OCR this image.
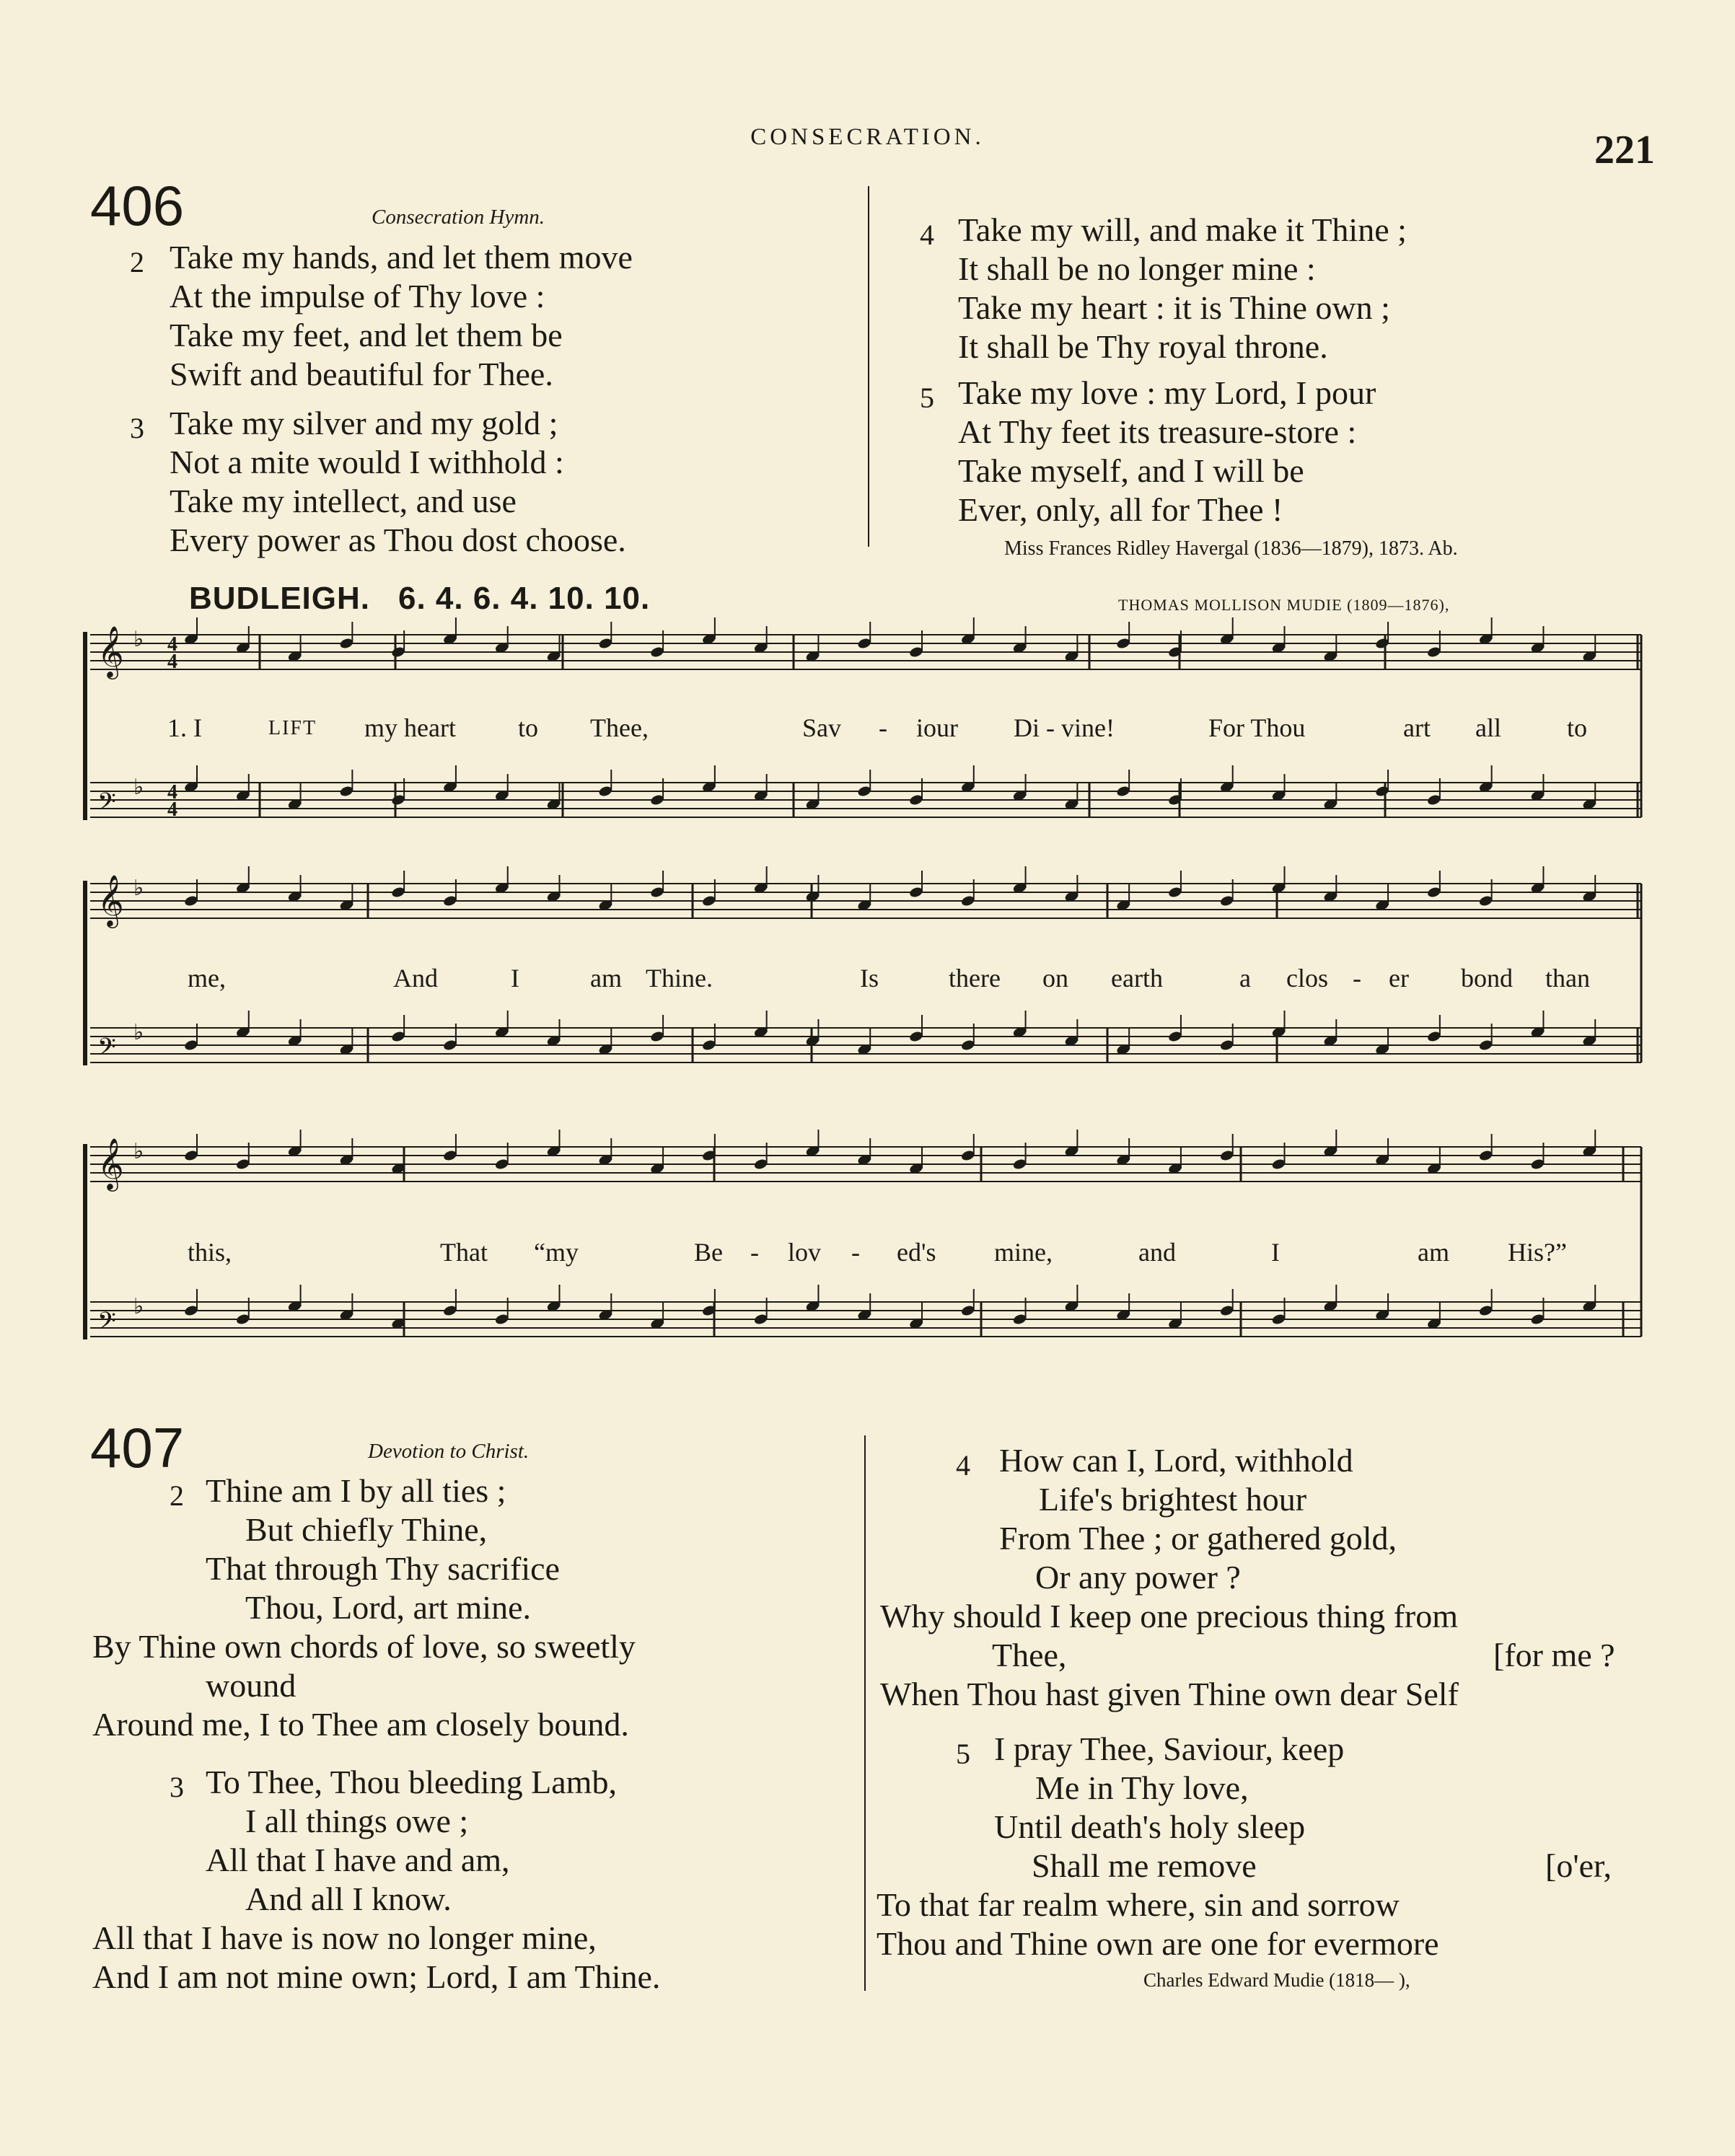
CONSECRATION.	221
406	Consecration Hymn.
2 Take my hands, and let them move
At the impulse of Thy love :
Take my feet, and let them be
Swift and beautiful for Thee.
3 Take my silver and my gold ;
Not a mite would I withhold :
Take my intellect, and use
Every power as Thou dost choose.
4 Take my will, and make it Thine ;
It shall be no longer mine :
Take my heart : it is Thine own ;
It shall be Thy royal throne.
5 Take my love : my Lord, I pour
At Thy feet its treasure-store :
Take myself, and I will be
Ever, only, all for Thee !
Miss Frances Ridley Havergal (1836—1879), 1873. Ab.
BUDLEIGH. 6. 4. 6. 4. 10. 10.	THOMAS MOLLISON MUDIE (1809—1876),
𝄞 ♭
𝄢
♭
𝄞 ♭
𝄢
♭
𝄞 ♭
𝄢
♭
4
4
4
4
1. I	LIFT my heart to Thee,	Sav - iour Di - vine!	For Thou	art all	to
me,	And	I	am Thine.	Is	there on earth	a clos - er bond than
this,	That “my	Be - lov - ed's mine,	and	I	am His?”
407	Devotion to Christ.
2 Thine am I by all ties ;
But chiefly Thine,
That through Thy sacrifice
Thou, Lord, art mine.
By Thine own chords of love, so sweetly
wound
Around me, I to Thee am closely bound.
3 To Thee, Thou bleeding Lamb,
I all things owe ;
All that I have and am,
And all I know.
All that I have is now no longer mine,
And I am not mine own; Lord, I am Thine.
4 How can I, Lord, withhold
Life's brightest hour
From Thee ; or gathered gold,
Or any power ?
Why should I keep one precious thing from
Thee,	[for me ?
When Thou hast given Thine own dear Self
5 I pray Thee, Saviour, keep
Me in Thy love,
Until death's holy sleep
Shall me remove	[o'er,
To that far realm where, sin and sorrow
Thou and Thine own are one for evermore
Charles Edward Mudie (1818— ),
